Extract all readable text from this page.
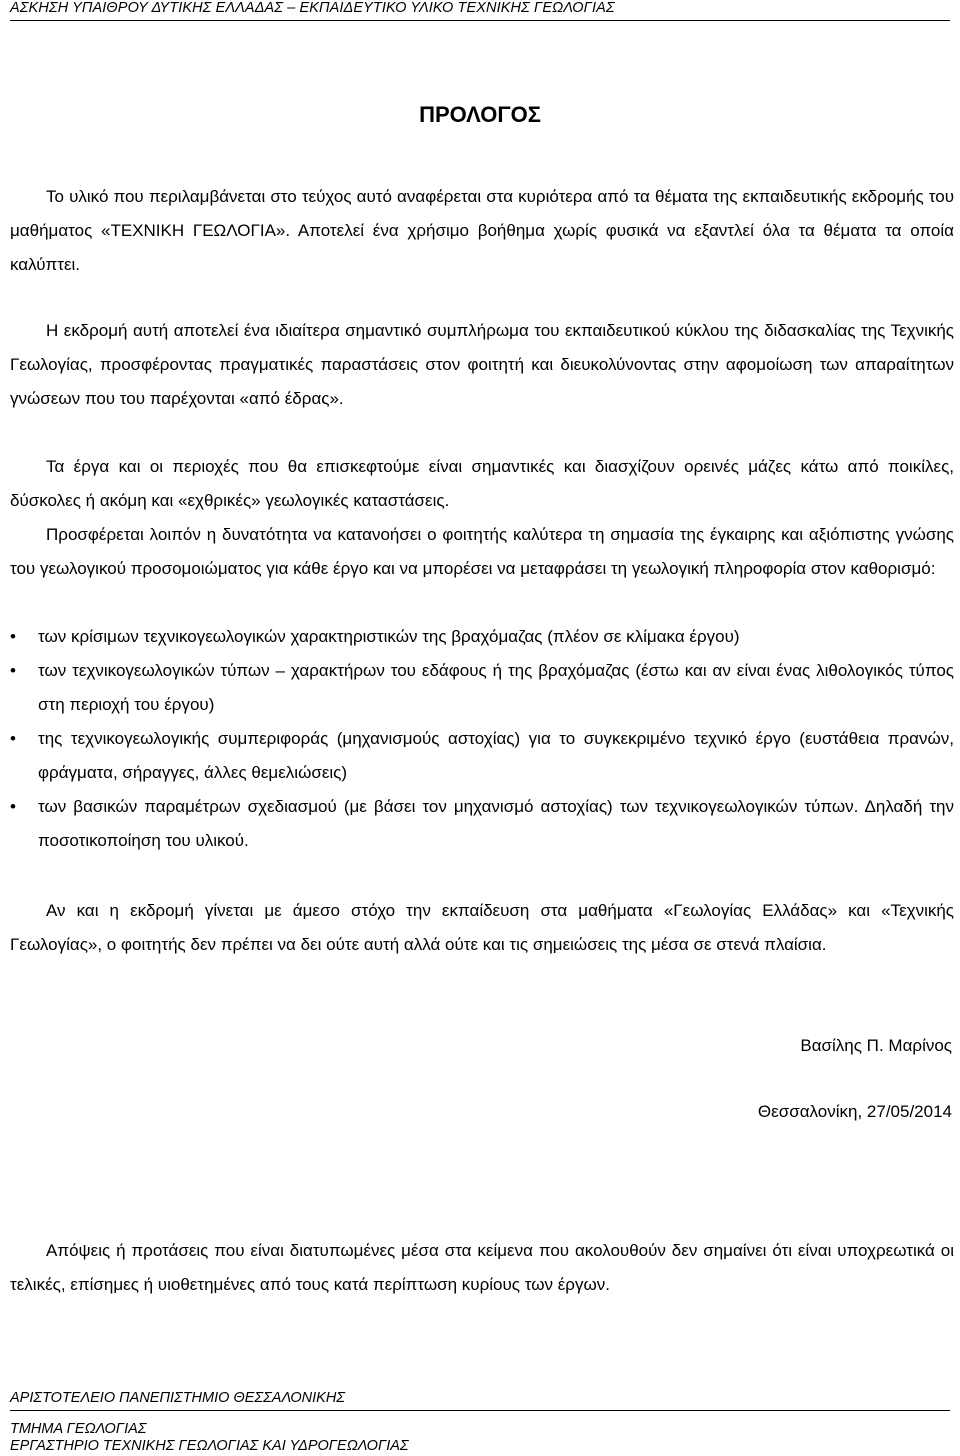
ΑΣΚΗΣΗ ΥΠΑΙΘΡΟΥ ΔΥΤΙΚΗΣ ΕΛΛΑΔΑΣ – ΕΚΠΑΙΔΕΥΤΙΚΟ ΥΛΙΚΟ ΤΕΧΝΙΚΗΣ ΓΕΩΛΟΓΙΑΣ
ΠΡΟΛΟΓΟΣ

Το υλικό που περιλαμβάνεται στο τεύχος αυτό αναφέρεται στα κυριότερα από τα θέματα της εκπαιδευτικής εκδρομής του μαθήματος «ΤΕΧΝΙΚΗ ΓΕΩΛΟΓΙΑ». Αποτελεί ένα χρήσιμο βοήθημα χωρίς φυσικά να εξαντλεί όλα τα θέματα τα οποία καλύπτει.

Η εκδρομή αυτή αποτελεί ένα ιδιαίτερα σημαντικό συμπλήρωμα του εκπαιδευτικού κύκλου της διδασκαλίας της Τεχνικής Γεωλογίας, προσφέροντας πραγματικές παραστάσεις στον φοιτητή και διευκολύνοντας στην αφομοίωση των απαραίτητων γνώσεων που του παρέχονται «από έδρας».

Τα έργα και οι περιοχές που θα επισκεφτούμε είναι σημαντικές και διασχίζουν ορεινές μάζες κάτω από ποικίλες, δύσκολες ή ακόμη και «εχθρικές» γεωλογικές καταστάσεις.

Προσφέρεται λοιπόν η δυνατότητα να κατανοήσει ο φοιτητής καλύτερα τη σημασία της έγκαιρης και αξιόπιστης γνώσης του γεωλογικού προσομοιώματος για κάθε έργο και να μπορέσει να μεταφράσει τη γεωλογική πληροφορία στον καθορισμό:

• των κρίσιμων τεχνικογεωλογικών χαρακτηριστικών της βραχόμαζας (πλέον σε κλίμακα έργου)
• των τεχνικογεωλογικών τύπων – χαρακτήρων του εδάφους ή της βραχόμαζας (έστω και αν είναι ένας λιθολογικός τύπος στη περιοχή του έργου)
• της τεχνικογεωλογικής συμπεριφοράς (μηχανισμούς αστοχίας) για το συγκεκριμένο τεχνικό έργο (ευστάθεια πρανών, φράγματα, σήραγγες, άλλες θεμελιώσεις)
• των βασικών παραμέτρων σχεδιασμού (με βάσει τον μηχανισμό αστοχίας) των τεχνικογεωλογικών τύπων. Δηλαδή την ποσοτικοποίηση του υλικού.

Αν και η εκδρομή γίνεται με άμεσο στόχο την εκπαίδευση στα μαθήματα «Γεωλογίας Ελλάδας» και «Τεχνικής Γεωλογίας», ο φοιτητής δεν πρέπει να δει ούτε αυτή αλλά ούτε και τις σημειώσεις της μέσα σε στενά πλαίσια.

Βασίλης Π. Μαρίνος
Θεσσαλονίκη, 27/05/2014

Απόψεις ή προτάσεις που είναι διατυπωμένες μέσα στα κείμενα που ακολουθούν δεν σημαίνει ότι είναι υποχρεωτικά οι τελικές, επίσημες ή υιοθετημένες από τους κατά περίπτωση κυρίους των έργων.

ΑΡΙΣΤΟΤΕΛΕΙΟ ΠΑΝΕΠΙΣΤΗΜΙΟ ΘΕΣΣΑΛΟΝΙΚΗΣ
ΤΜΗΜΑ ΓΕΩΛΟΓΙΑΣ
ΕΡΓΑΣΤΗΡΙΟ ΤΕΧΝΙΚΗΣ ΓΕΩΛΟΓΙΑΣ ΚΑΙ ΥΔΡΟΓΕΩΛΟΓΙΑΣ
